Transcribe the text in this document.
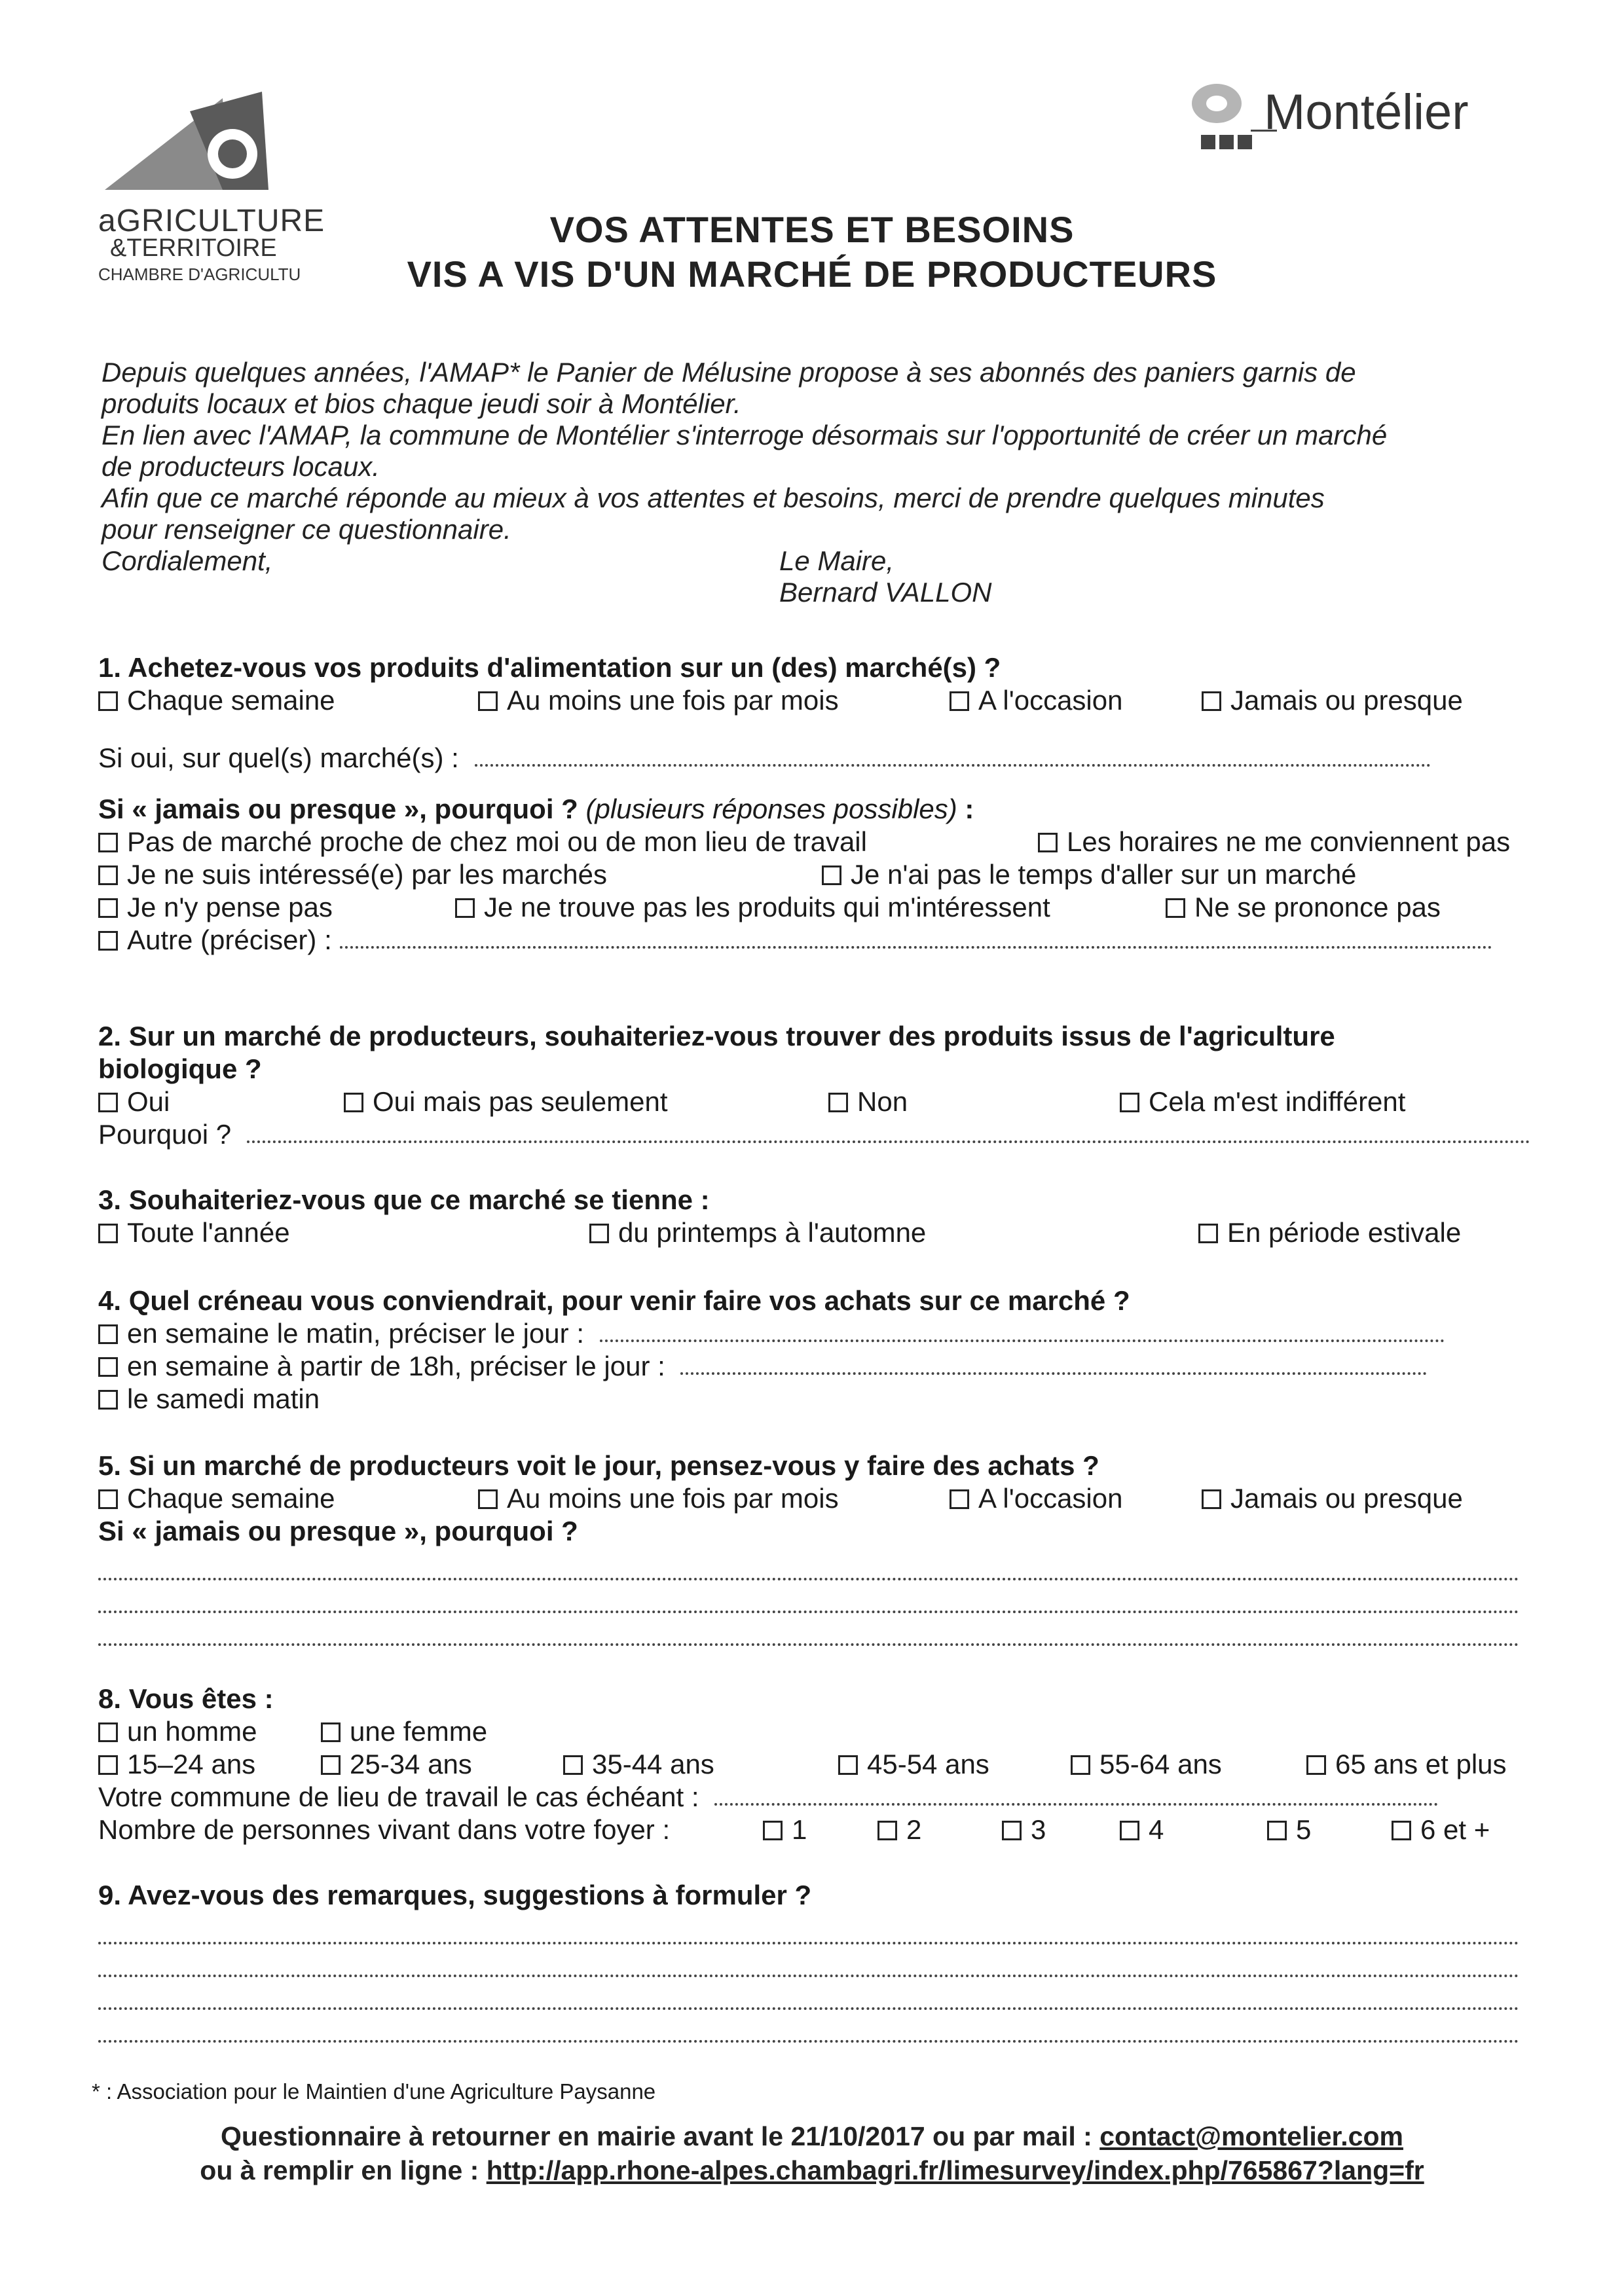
aGRICULTURE
&TERRITOIRE
CHAMBRE D'AGRICULTU
Montélier
VOS ATTENTES ET BESOINS
VIS A VIS D'UN MARCHÉ DE PRODUCTEURS
Depuis quelques années, l'AMAP* le Panier de Mélusine propose à ses abonnés des paniers garnis de
produits locaux et bios chaque jeudi soir à Montélier.
En lien avec l'AMAP, la commune de Montélier s'interroge désormais sur l'opportunité de créer un marché
de producteurs locaux.
Afin que ce marché réponde au mieux à vos attentes et besoins, merci de prendre quelques minutes
pour renseigner ce questionnaire.
Cordialement,	Le Maire,
Bernard VALLON
1. Achetez-vous vos produits d'alimentation sur un (des) marché(s) ?
Chaque semaine	Au moins une fois par mois	A l'occasion	Jamais ou presque
Si oui, sur quel(s) marché(s) :
Si « jamais ou presque », pourquoi ? (plusieurs réponses possibles) :
Pas de marché proche de chez moi ou de mon lieu de travail	Les horaires ne me conviennent pas
Je ne suis intéressé(e) par les marchés	Je n'ai pas le temps d'aller sur un marché
Je n'y pense pas	Je ne trouve pas les produits qui m'intéressent	Ne se prononce pas
Autre (préciser) :
2. Sur un marché de producteurs, souhaiteriez-vous trouver des produits issus de l'agriculture
biologique ?
Oui	Oui mais pas seulement	Non	Cela m'est indifférent
Pourquoi ?
3. Souhaiteriez-vous que ce marché se tienne :
Toute l'année	du printemps à l'automne	En période estivale
4. Quel créneau vous conviendrait, pour venir faire vos achats sur ce marché ?
en semaine le matin, préciser le jour :
en semaine à partir de 18h, préciser le jour :
le samedi matin
5. Si un marché de producteurs voit le jour, pensez-vous y faire des achats ?
Chaque semaine	Au moins une fois par mois	A l'occasion	Jamais ou presque
Si « jamais ou presque », pourquoi ?
8. Vous êtes :
un homme	une femme
15–24 ans	25-34 ans	35-44 ans	45-54 ans	55-64 ans	65 ans et plus
Votre commune de lieu de travail le cas échéant :
Nombre de personnes vivant dans votre foyer :	1	2	3	4	5	6 et +
9. Avez-vous des remarques, suggestions à formuler ?
* : Association pour le Maintien d'une Agriculture Paysanne
Questionnaire à retourner en mairie avant le 21/10/2017 ou par mail : contact@montelier.com
ou à remplir en ligne : http://app.rhone-alpes.chambagri.fr/limesurvey/index.php/765867?lang=fr
